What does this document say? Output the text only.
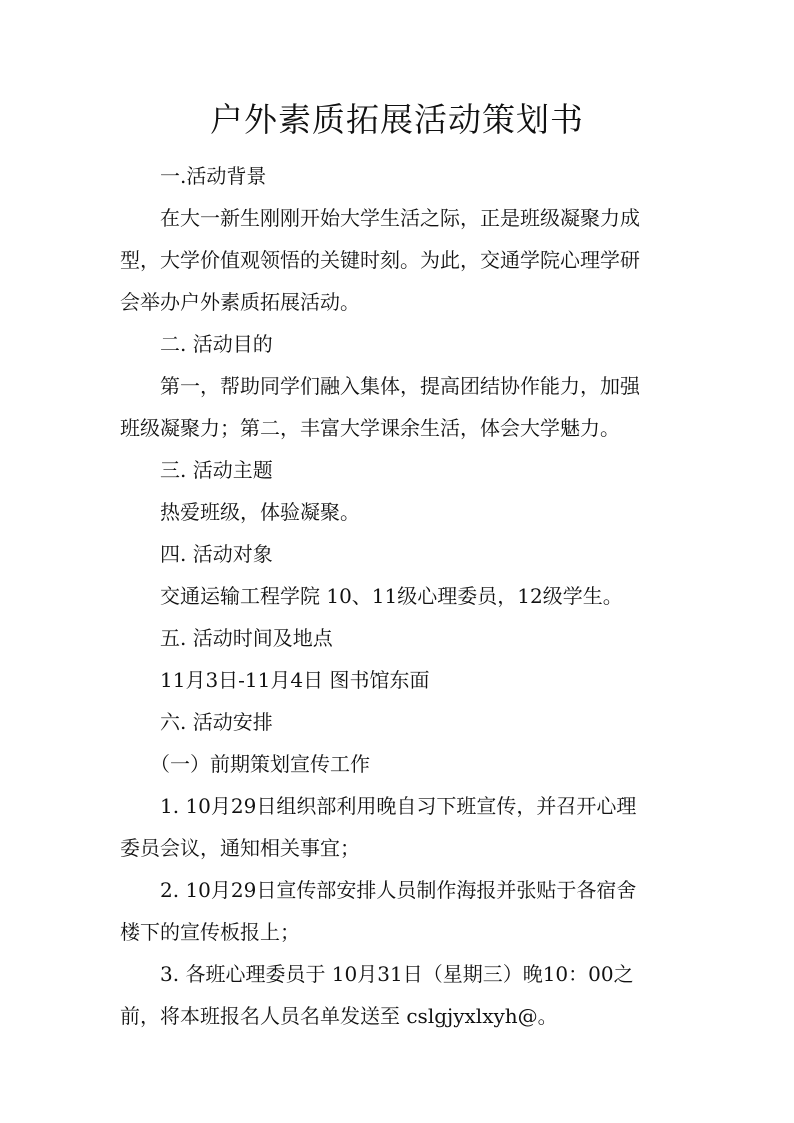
户外素质拓展活动策划书
一.活动背景
在大一新生刚刚开始大学生活之际，正是班级凝聚力成
型，大学价值观领悟的关键时刻。为此，交通学院心理学研
会举办户外素质拓展活动。
二. 活动目的
第一，帮助同学们融入集体，提高团结协作能力，加强
班级凝聚力；第二，丰富大学课余生活，体会大学魅力。
三. 活动主题
热爱班级，体验凝聚。
四. 活动对象
交通运输工程学院 10、11级心理委员，12级学生。
五. 活动时间及地点
11月3日-11月4日 图书馆东面
六. 活动安排
（一）前期策划宣传工作
1. 10月29日组织部利用晚自习下班宣传，并召开心理
委员会议，通知相关事宜；
2. 10月29日宣传部安排人员制作海报并张贴于各宿舍
楼下的宣传板报上；
3. 各班心理委员于 10月31日（星期三）晚10：00之
前，将本班报名人员名单发送至 cslgjyxlxyh@。
